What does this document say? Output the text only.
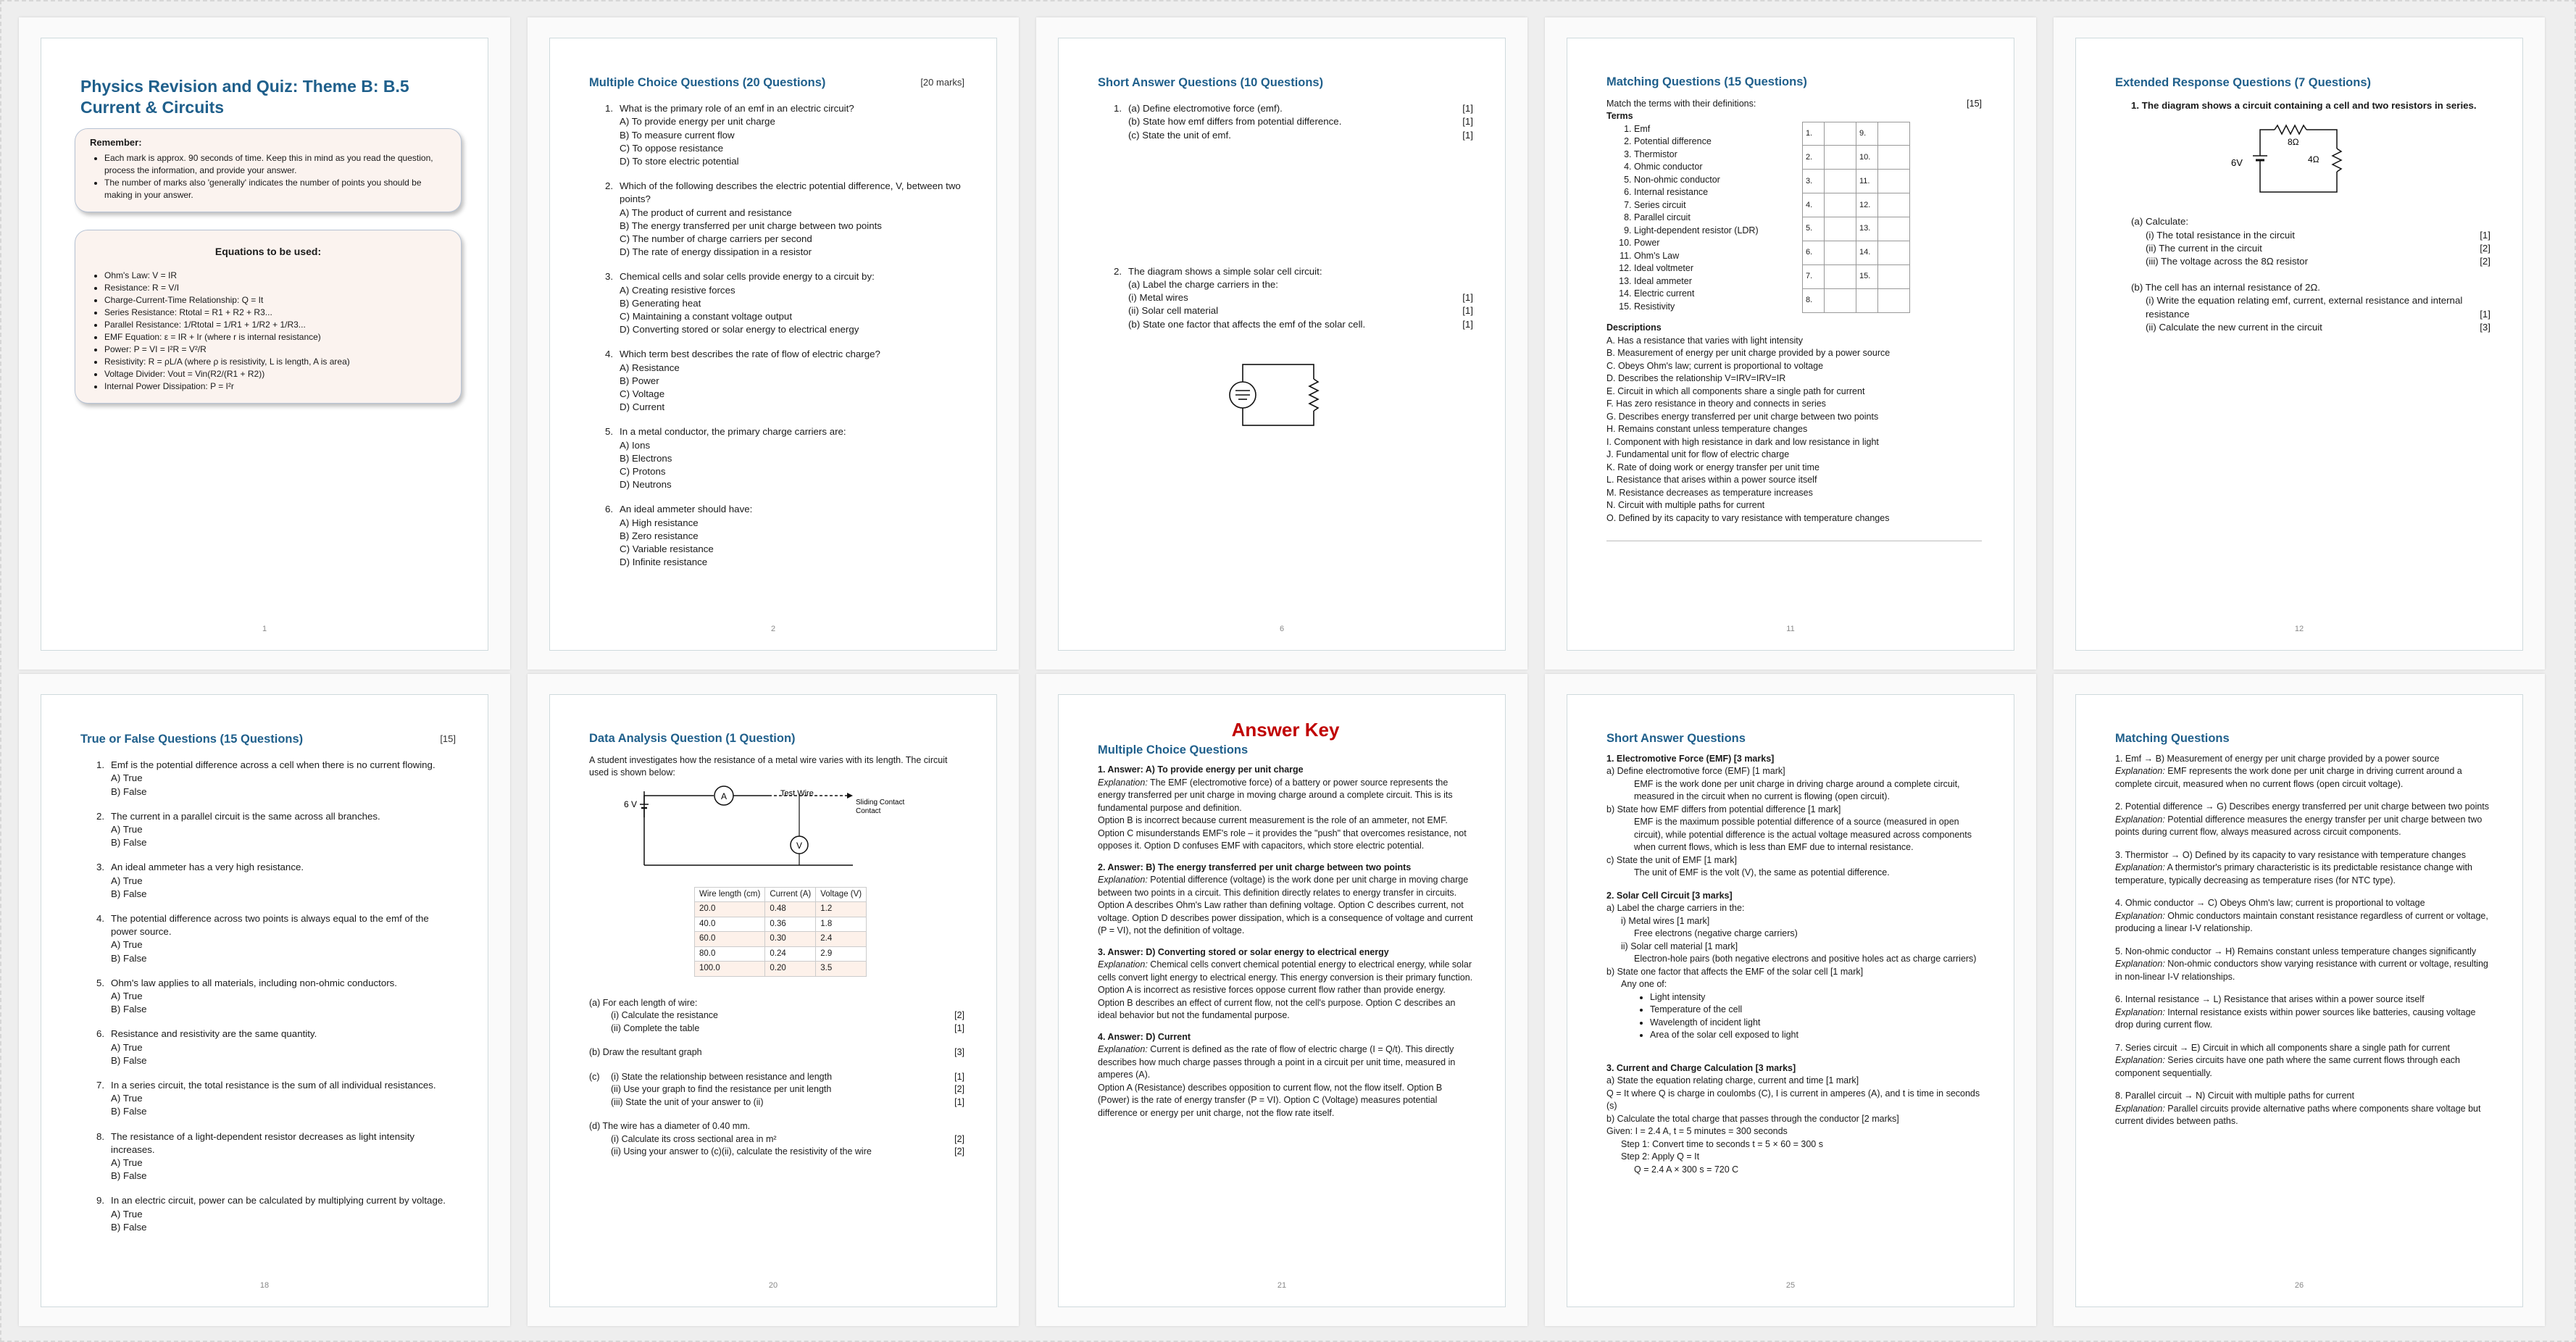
Physics Revision and Quiz: Theme B: B.5 Current & Circuits
Remember:
• Each mark is approx. 90 seconds of time. Keep this in mind as you read the question, process the information, and provide your answer.
• The number of marks also 'generally' indicates the number of points you should be making in your answer.
Equations to be used:
• Ohm's Law: V = IR
• Resistance: R = V/I
• Charge-Current-Time Relationship: Q = It
• Series Resistance: Rtotal = R1 + R2 + R3...
• Parallel Resistance: 1/Rtotal = 1/R1 + 1/R2 + 1/R3...
• EMF Equation: ε = IR + Ir (where r is internal resistance)
• Power: P = VI = I²R = V²/R
• Resistivity: R = ρL/A (where ρ is resistivity, L is length, A is area)
• Voltage Divider: Vout = Vin(R2/(R1 + R2))
• Internal Power Dissipation: P = I²r
1
Multiple Choice Questions (20 Questions)	[20 marks]
1. What is the primary role of an emf in an electric circuit?
A) To provide energy per unit charge
B) To measure current flow
C) To oppose resistance
D) To store electric potential
2. Which of the following describes the electric potential difference, V, between two points?
A) The product of current and resistance
B) The energy transferred per unit charge between two points
C) The number of charge carriers per second
D) The rate of energy dissipation in a resistor
3. Chemical cells and solar cells provide energy to a circuit by:
A) Creating resistive forces
B) Generating heat
C) Maintaining a constant voltage output
D) Converting stored or solar energy to electrical energy
4. Which term best describes the rate of flow of electric charge?
A) Resistance
B) Power
C) Voltage
D) Current
5. In a metal conductor, the primary charge carriers are:
A) Ions
B) Electrons
C) Protons
D) Neutrons
6. An ideal ammeter should have:
A) High resistance
B) Zero resistance
C) Variable resistance
D) Infinite resistance
2
Short Answer Questions (10 Questions)
1. (a) Define electromotive force (emf).	[1]
(b) State how emf differs from potential difference.	[1]
(c) State the unit of emf.	[1]
2. The diagram shows a simple solar cell circuit:
(a) Label the charge carriers in the:
(i) Metal wires	[1]
(ii) Solar cell material	[1]
(b) State one factor that affects the emf of the solar cell.	[1]
6
Matching Questions (15 Questions)
Match the terms with their definitions:	[15]
Terms
1. Emf
2. Potential difference
3. Thermistor
4. Ohmic conductor
5. Non-ohmic conductor
6. Internal resistance
7. Series circuit
8. Parallel circuit
9. Light-dependent resistor (LDR)
10. Power
11. Ohm's Law
12. Ideal voltmeter
13. Ideal ammeter
14. Electric current
15. Resistivity
1.		9.	
2.		10.	
3.		11.	
4.		12.	
5.		13.	
6.		14.	
7.		15.	
8.			
Descriptions
A. Has a resistance that varies with light intensity
B. Measurement of energy per unit charge provided by a power source
C. Obeys Ohm's law; current is proportional to voltage
D. Describes the relationship V=IRV=IRV=IR
E. Circuit in which all components share a single path for current
F. Has zero resistance in theory and connects in series
G. Describes energy transferred per unit charge between two points
H. Remains constant unless temperature changes
I. Component with high resistance in dark and low resistance in light
J. Fundamental unit for flow of electric charge
K. Rate of doing work or energy transfer per unit time
L. Resistance that arises within a power source itself
M. Resistance decreases as temperature increases
N. Circuit with multiple paths for current
O. Defined by its capacity to vary resistance with temperature changes
11
Extended Response Questions (7 Questions)
1. The diagram shows a circuit containing a cell and two resistors in series.
6V
8Ω
4Ω
(a) Calculate:
(i) The total resistance in the circuit	[1]
(ii) The current in the circuit	[2]
(iii) The voltage across the 8Ω resistor	[2]
(b) The cell has an internal resistance of 2Ω.
(i) Write the equation relating emf, current, external resistance and internal resistance	[1]
(ii) Calculate the new current in the circuit	[3]
12
True or False Questions (15 Questions)	[15]
1. Emf is the potential difference across a cell when there is no current flowing.
A) True
B) False
2. The current in a parallel circuit is the same across all branches.
A) True
B) False
3. An ideal ammeter has a very high resistance.
A) True
B) False
4. The potential difference across two points is always equal to the emf of the power source.
A) True
B) False
5. Ohm's law applies to all materials, including non-ohmic conductors.
A) True
B) False
6. Resistance and resistivity are the same quantity.
A) True
B) False
7. In a series circuit, the total resistance is the sum of all individual resistances.
A) True
B) False
8. The resistance of a light-dependent resistor decreases as light intensity increases.
A) True
B) False
9. In an electric circuit, power can be calculated by multiplying current by voltage.
A) True
B) False
18
Data Analysis Question (1 Question)
A student investigates how the resistance of a metal wire varies with its length. The circuit used is shown below:
6 V
Test Wire
Sliding Contact
Contact
A
V
Wire length (cm)	Current (A)	Voltage (V)
20.0	0.48	1.2
40.0	0.36	1.8
60.0	0.30	2.4
80.0	0.24	2.9
100.0	0.20	3.5
(a) For each length of wire:
(i) Calculate the resistance	[2]
(ii) Complete the table	[1]
(b) Draw the resultant graph	[3]
(c)	(i) State the relationship between resistance and length	[1]
(ii) Use your graph to find the resistance per unit length	[2]
(iii) State the unit of your answer to (ii)	[1]
(d) The wire has a diameter of 0.40 mm.
(i) Calculate its cross sectional area in m²	[2]
(ii) Using your answer to (c)(ii), calculate the resistivity of the wire	[2]
20
Answer Key
Multiple Choice Questions
1. Answer: A) To provide energy per unit charge
Explanation: The EMF (electromotive force) of a battery or power source represents the energy transferred per unit charge in moving charge around a complete circuit. This is its fundamental purpose and definition.
Option B is incorrect because current measurement is the role of an ammeter, not EMF. Option C misunderstands EMF's role – it provides the "push" that overcomes resistance, not opposes it. Option D confuses EMF with capacitors, which store electric potential.
2. Answer: B) The energy transferred per unit charge between two points
Explanation: Potential difference (voltage) is the work done per unit charge in moving charge between two points in a circuit. This definition directly relates to energy transfer in circuits.
Option A describes Ohm's Law rather than defining voltage. Option C describes current, not voltage. Option D describes power dissipation, which is a consequence of voltage and current (P = VI), not the definition of voltage.
3. Answer: D) Converting stored or solar energy to electrical energy
Explanation: Chemical cells convert chemical potential energy to electrical energy, while solar cells convert light energy to electrical energy. This energy conversion is their primary function.
Option A is incorrect as resistive forces oppose current flow rather than provide energy. Option B describes an effect of current flow, not the cell's purpose. Option C describes an ideal behavior but not the fundamental purpose.
4. Answer: D) Current
Explanation: Current is defined as the rate of flow of electric charge (I = Q/t). This directly describes how much charge passes through a point in a circuit per unit time, measured in amperes (A).
Option A (Resistance) describes opposition to current flow, not the flow itself. Option B (Power) is the rate of energy transfer (P = VI). Option C (Voltage) measures potential difference or energy per unit charge, not the flow rate itself.
21
Short Answer Questions
1. Electromotive Force (EMF) [3 marks]
a) Define electromotive force (EMF) [1 mark]
EMF is the work done per unit charge in driving charge around a complete circuit, measured in the circuit when no current is flowing (open circuit).
b) State how EMF differs from potential difference [1 mark]
EMF is the maximum possible potential difference of a source (measured in open circuit), while potential difference is the actual voltage measured across components when current flows, which is less than EMF due to internal resistance.
c) State the unit of EMF [1 mark]
The unit of EMF is the volt (V), the same as potential difference.
2. Solar Cell Circuit [3 marks]
a) Label the charge carriers in the:
i) Metal wires [1 mark]
Free electrons (negative charge carriers)
ii) Solar cell material [1 mark]
Electron-hole pairs (both negative electrons and positive holes act as charge carriers)
b) State one factor that affects the EMF of the solar cell [1 mark]
Any one of:
• Light intensity
• Temperature of the cell
• Wavelength of incident light
• Area of the solar cell exposed to light
3. Current and Charge Calculation [3 marks]
a) State the equation relating charge, current and time [1 mark]
Q = It where Q is charge in coulombs (C), I is current in amperes (A), and t is time in seconds (s)
b) Calculate the total charge that passes through the conductor [2 marks]
Given: I = 2.4 A, t = 5 minutes = 300 seconds
Step 1: Convert time to seconds t = 5 × 60 = 300 s
Step 2: Apply Q = It
Q = 2.4 A × 300 s = 720 C
25
Matching Questions
1. Emf → B) Measurement of energy per unit charge provided by a power source
Explanation: EMF represents the work done per unit charge in driving current around a complete circuit, measured when no current flows (open circuit voltage).
2. Potential difference → G) Describes energy transferred per unit charge between two points
Explanation: Potential difference measures the energy transfer per unit charge between two points during current flow, always measured across circuit components.
3. Thermistor → O) Defined by its capacity to vary resistance with temperature changes
Explanation: A thermistor's primary characteristic is its predictable resistance change with temperature, typically decreasing as temperature rises (for NTC type).
4. Ohmic conductor → C) Obeys Ohm's law; current is proportional to voltage
Explanation: Ohmic conductors maintain constant resistance regardless of current or voltage, producing a linear I-V relationship.
5. Non-ohmic conductor → H) Remains constant unless temperature changes significantly
Explanation: Non-ohmic conductors show varying resistance with current or voltage, resulting in non-linear I-V relationships.
6. Internal resistance → L) Resistance that arises within a power source itself
Explanation: Internal resistance exists within power sources like batteries, causing voltage drop during current flow.
7. Series circuit → E) Circuit in which all components share a single path for current
Explanation: Series circuits have one path where the same current flows through each component sequentially.
8. Parallel circuit → N) Circuit with multiple paths for current
Explanation: Parallel circuits provide alternative paths where components share voltage but current divides between paths.
26
